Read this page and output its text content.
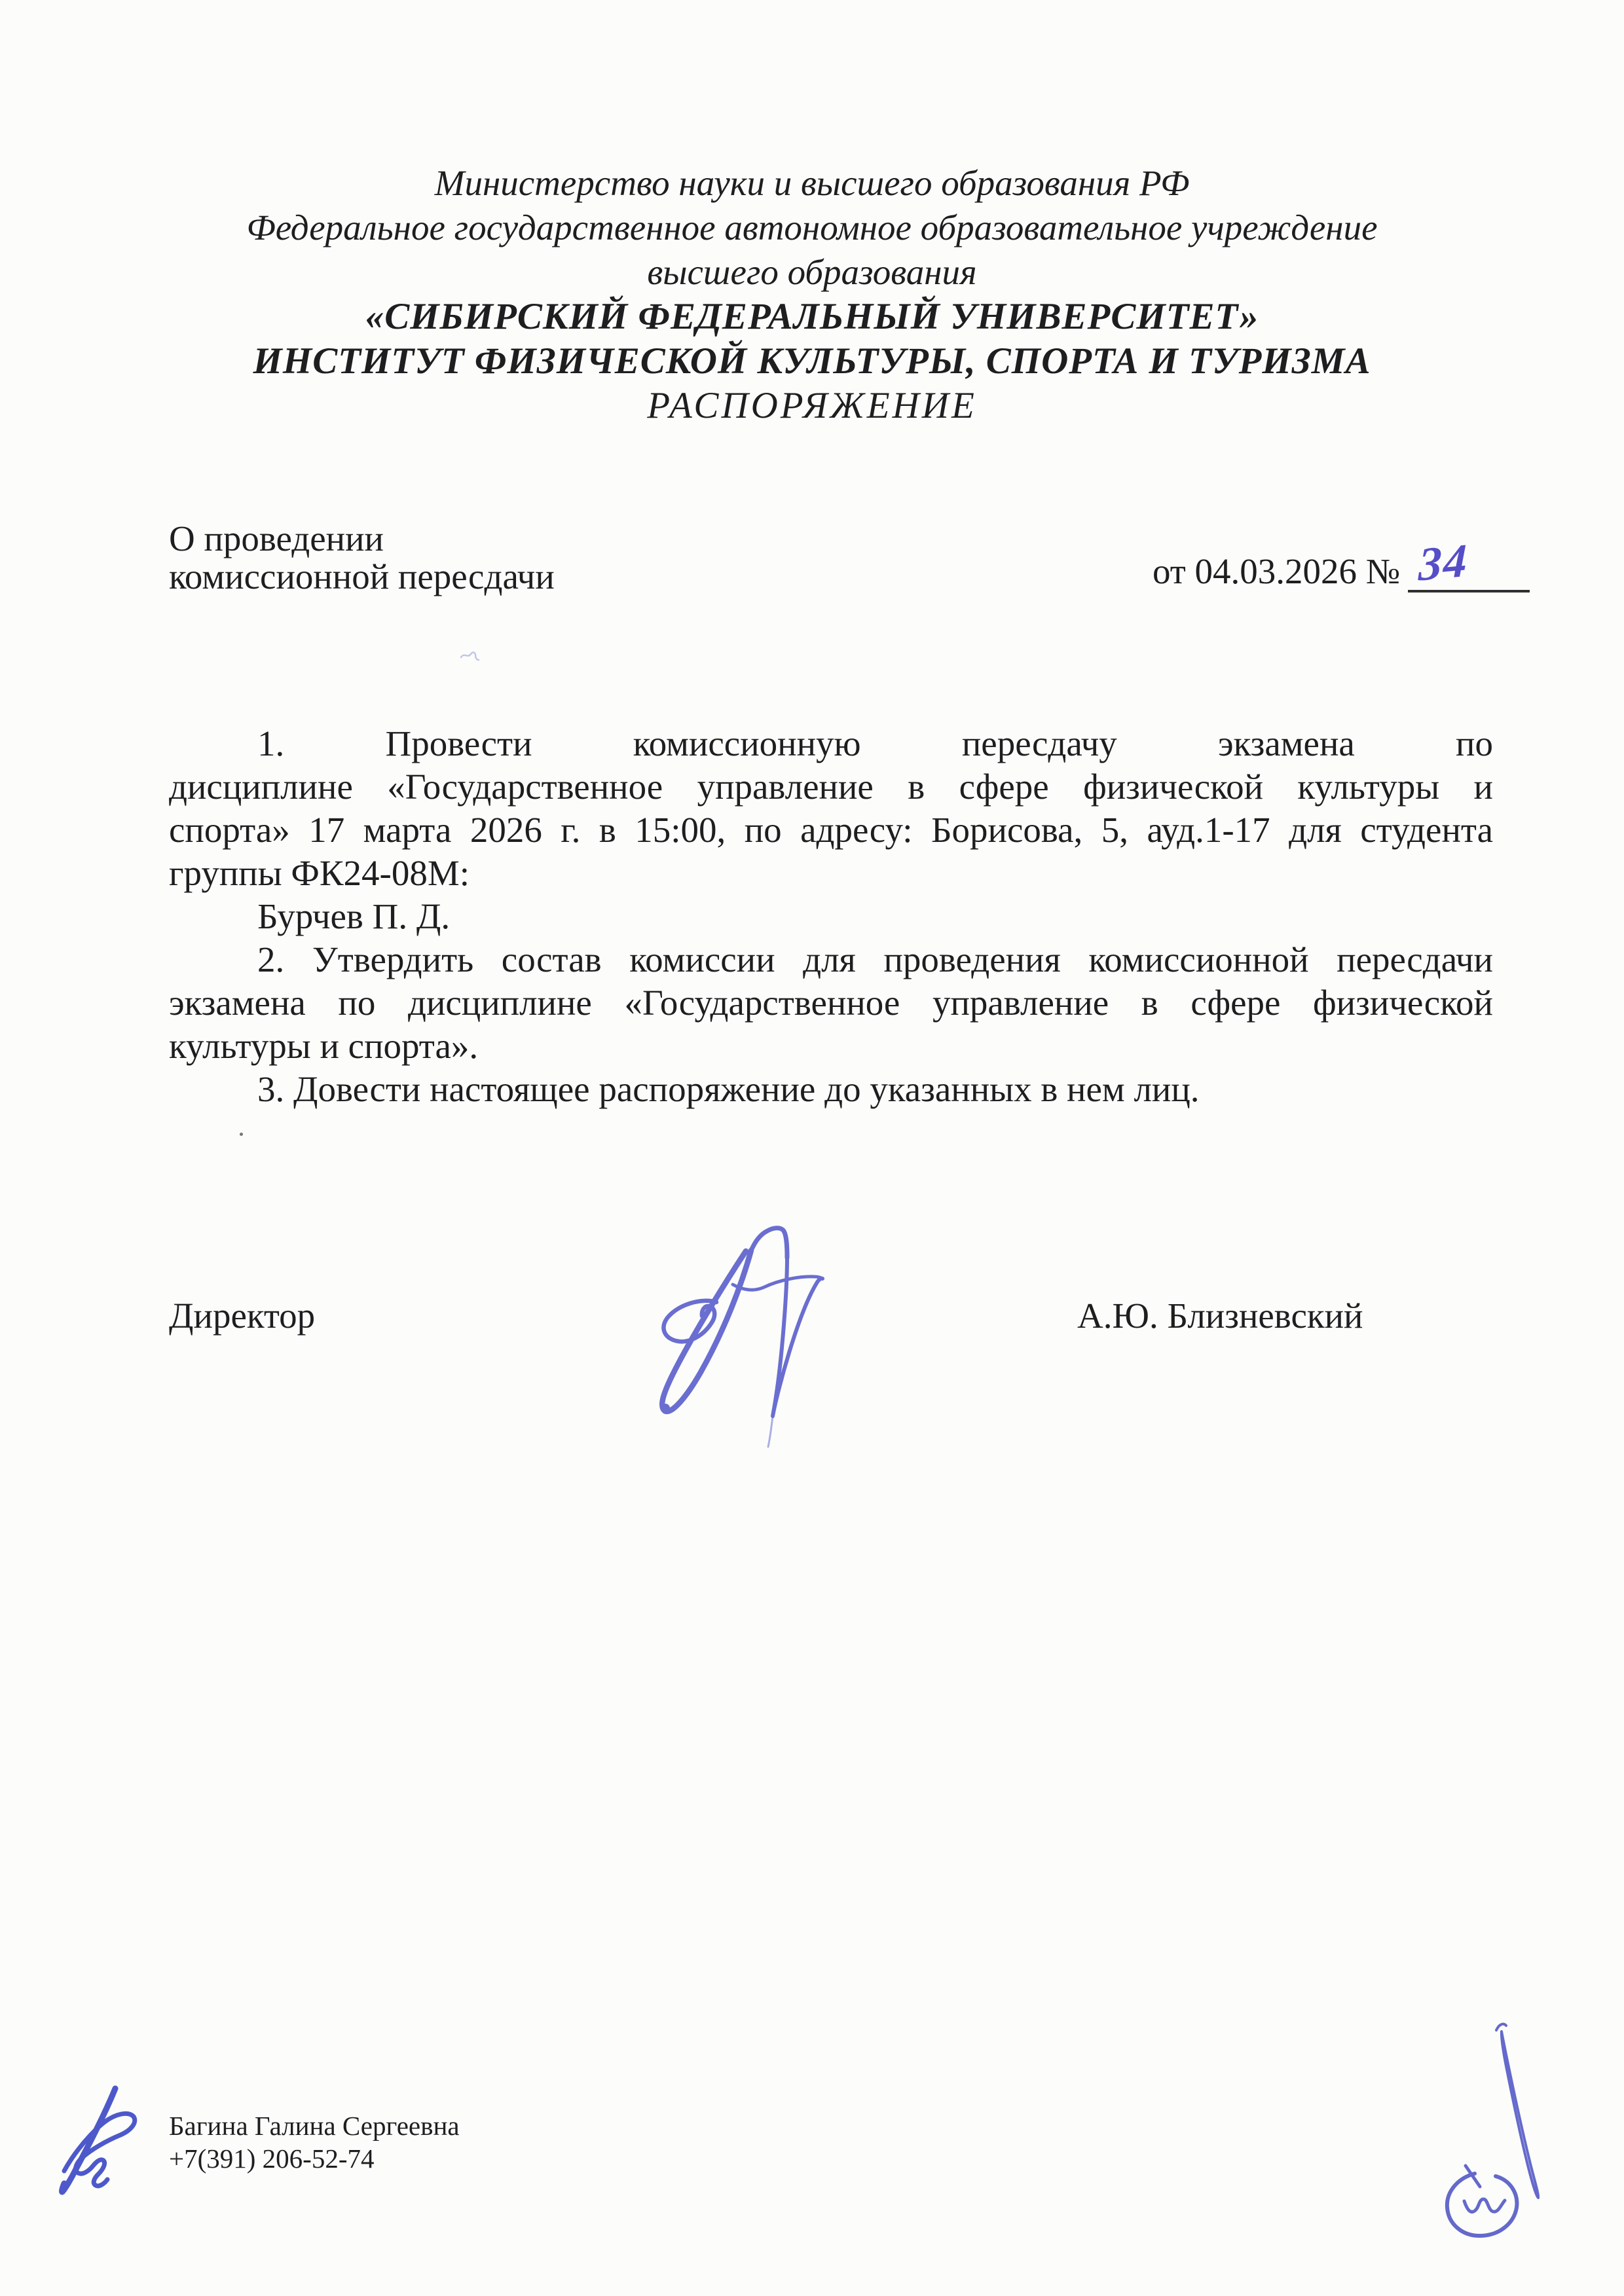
Министерство науки и высшего образования РФ
Федеральное государственное автономное образовательное учреждение
высшего образования
«СИБИРСКИЙ ФЕДЕРАЛЬНЫЙ УНИВЕРСИТЕТ»
ИНСТИТУТ ФИЗИЧЕСКОЙ КУЛЬТУРЫ, СПОРТА И ТУРИЗМА
РАСПОРЯЖЕНИЕ
О проведении
комиссионной пересдачи	от 04.03.2026 № 34
1. Провести комиссионную пересдачу экзамена по
дисциплине «Государственное управление в сфере физической культуры и
спорта» 17 марта 2026 г. в 15:00, по адресу: Борисова, 5, ауд.1-17 для студента
группы ФК24-08М:
Бурчев П. Д.
2. Утвердить состав комиссии для проведения комиссионной пересдачи
экзамена по дисциплине «Государственное управление в сфере физической
культуры и спорта».
3. Довести настоящее распоряжение до указанных в нем лиц.
Директор	А.Ю. Близневский
Багина Галина Сергеевна
+7(391) 206-52-74
